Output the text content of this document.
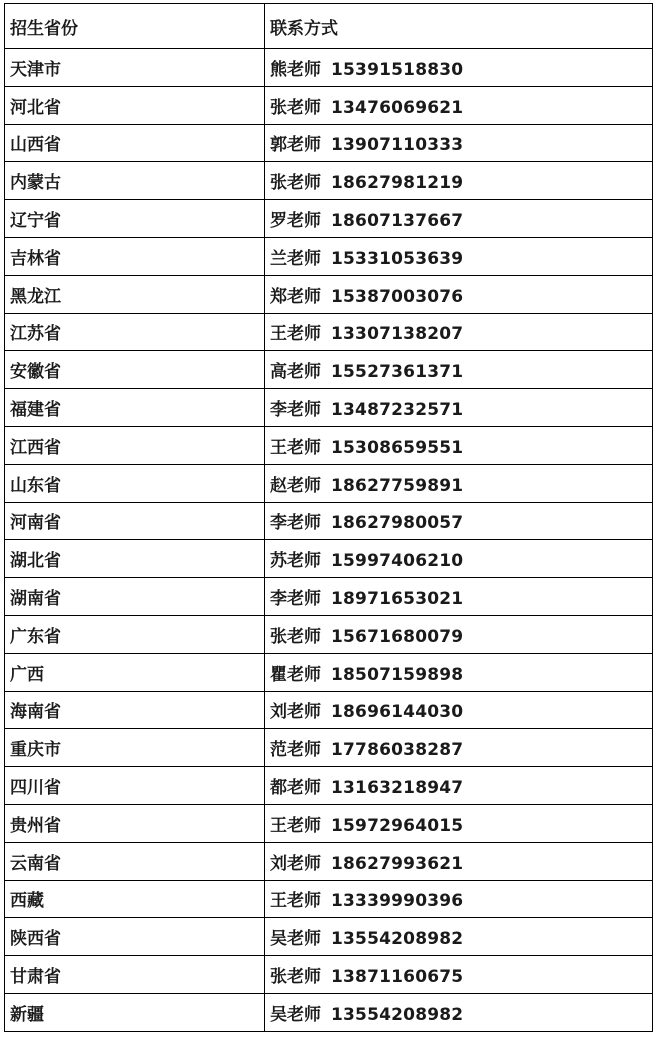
招生省份	联系方式
天津市	熊老师 15391518830
河北省	张老师 13476069621
山西省	郭老师 13907110333
内蒙古	张老师 18627981219
辽宁省	罗老师 18607137667
吉林省	兰老师 15331053639
黑龙江	郑老师 15387003076
江苏省	王老师 13307138207
安徽省	高老师 15527361371
福建省	李老师 13487232571
江西省	王老师 15308659551
山东省	赵老师 18627759891
河南省	李老师 18627980057
湖北省	苏老师 15997406210
湖南省	李老师 18971653021
广东省	张老师 15671680079
广西	瞿老师 18507159898
海南省	刘老师 18696144030
重庆市	范老师 17786038287
四川省	都老师 13163218947
贵州省	王老师 15972964015
云南省	刘老师 18627993621
西藏	王老师 13339990396
陕西省	吴老师 13554208982
甘肃省	张老师 13871160675
新疆	吴老师 13554208982
